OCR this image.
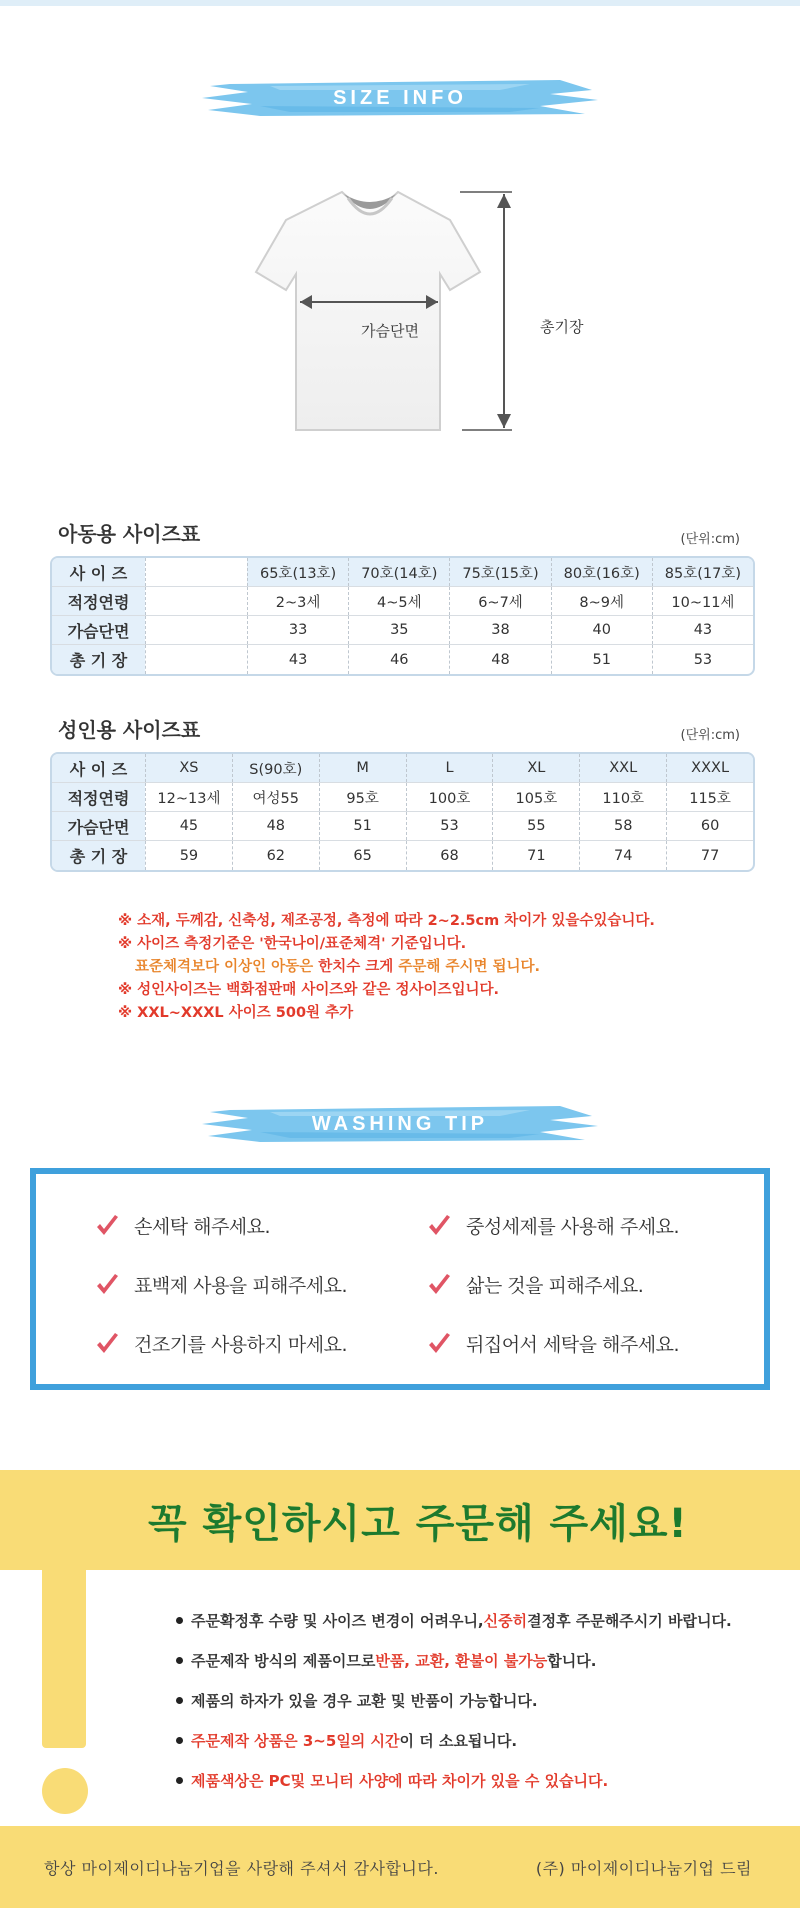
SIZE INFO
가슴단면	총기장
아동용 사이즈표	(단위:cm)
사 이 즈	65호(13호)	70호(14호)	75호(15호)	80호(16호)	85호(17호)
적정연령	2~3세	4~5세	6~7세	8~9세	10~11세
가슴단면	33	35	38	40	43
총 기 장	43	46	48	51	53
성인용 사이즈표	(단위:cm)
사 이 즈	XS	S(90호)	M	L	XL	XXL	XXXL
적정연령	12~13세	여성55	95호	100호	105호	110호	115호
가슴단면	45	48	51	53	55	58	60
총 기 장	59	62	65	68	71	74	77
※ 소재, 두께감, 신축성, 제조공정, 측정에 따라 2~2.5cm 차이가 있을수있습니다.
※ 사이즈 측정기준은 '한국나이/표준체격' 기준입니다.
표준체격보다 이상인 아동은 한치수 크게 주문해 주시면 됩니다.
※ 성인사이즈는 백화점판매 사이즈와 같은 정사이즈입니다.
※ XXL~XXXL 사이즈 500원 추가
WASHING TIP
손세탁 해주세요.	중성세제를 사용해 주세요.
표백제 사용을 피해주세요.	삶는 것을 피해주세요.
건조기를 사용하지 마세요.	뒤집어서 세탁을 해주세요.
꼭 확인하시고 주문해 주세요!
주문확정후 수량 및 사이즈 변경이 어려우니, 신중히 결정후 주문해주시기 바랍니다.
주문제작 방식의 제품이므로 반품, 교환, 환불이 불가능 합니다.
제품의 하자가 있을 경우 교환 및 반품이 가능합니다.
주문제작 상품은 3~5일의 시간 이 더 소요됩니다.
제품색상은 PC및 모니터 사양에 따라 차이가 있을 수 있습니다.
항상 마이제이디나눔기업을 사랑해 주셔서 감사합니다.	(주) 마이제이디나눔기업 드림
